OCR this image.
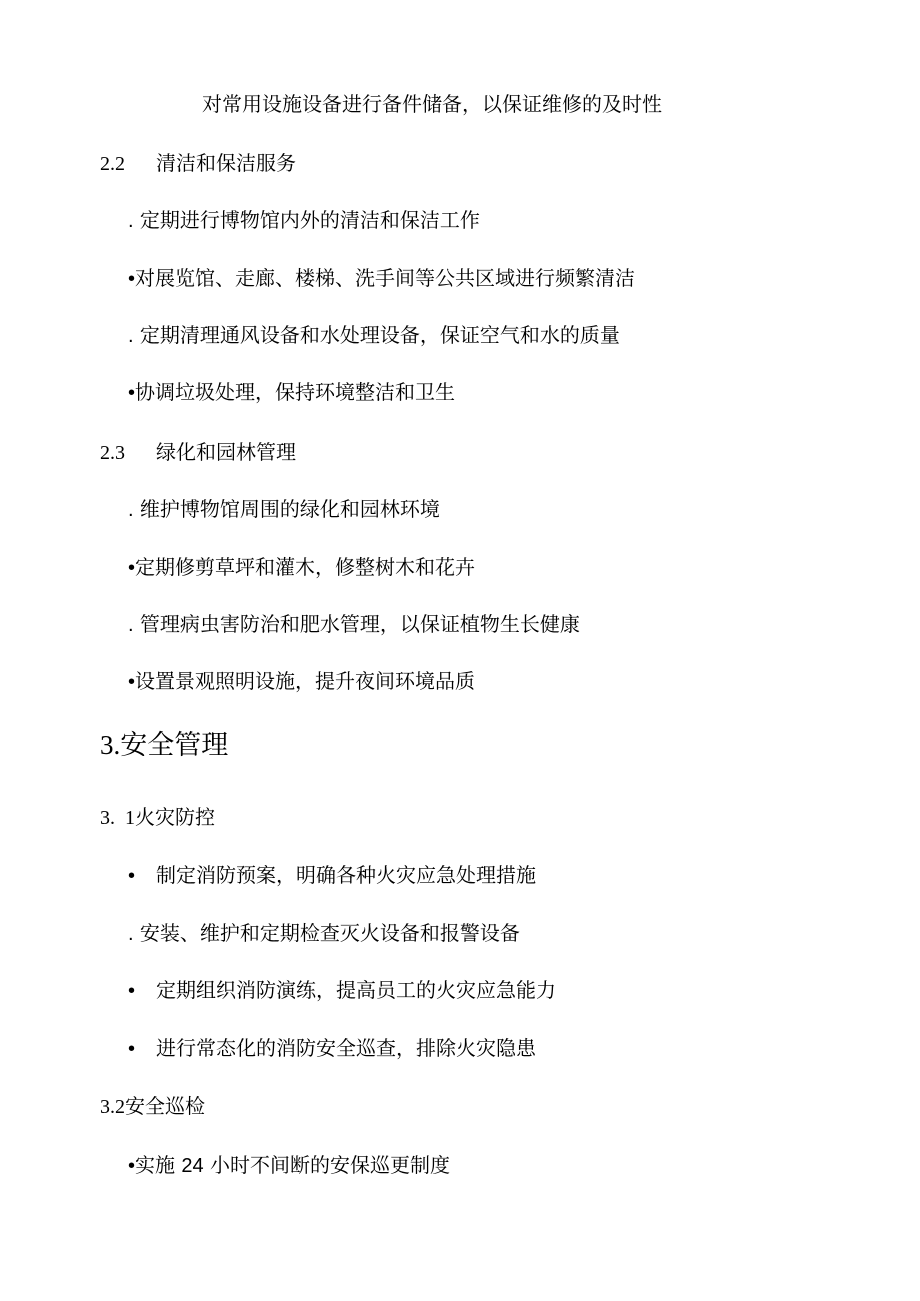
对常用设施设备进行备件储备，以保证维修的及时性
2.2 清洁和保洁服务
. 定期进行博物馆内外的清洁和保洁工作
•对展览馆、走廊、楼梯、洗手间等公共区域进行频繁清洁
. 定期清理通风设备和水处理设备，保证空气和水的质量
•协调垃圾处理，保持环境整洁和卫生
2.3 绿化和园林管理
. 维护博物馆周围的绿化和园林环境
•定期修剪草坪和灌木，修整树木和花卉
. 管理病虫害防治和肥水管理，以保证植物生长健康
•设置景观照明设施，提升夜间环境品质
3.安全管理
3.  1火灾防控
• 制定消防预案，明确各种火灾应急处理措施
. 安装、维护和定期检查灭火设备和报警设备
• 定期组织消防演练，提高员工的火灾应急能力
• 进行常态化的消防安全巡查，排除火灾隐患
3.2安全巡检
•实施 24 小时不间断的安保巡更制度
